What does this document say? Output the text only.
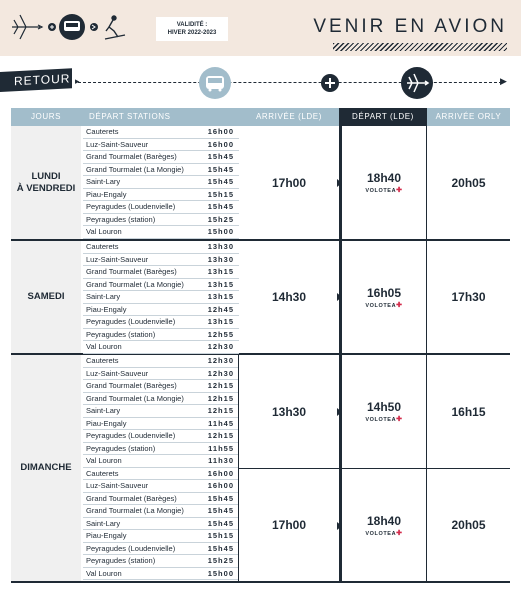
VALIDITÉ :
HIVER 2022-2023	VENIR EN AVION
RETOUR ▸	▶
JOURS	DÉPART STATIONS	ARRIVÉE (LDE)	DÉPART (LDE)	ARRIVÉE ORLY
LUNDI
À VENDREDI
Cauterets	16h00
Luz-Saint-Sauveur	16h00
Grand Tourmalet (Barèges)	15h45
Grand Tourmalet (La Mongie)	15h45
Saint-Lary	15h45
Piau-Engaly	15h15
Peyragudes (Loudenvielle)	15h45
Peyragudes (station)	15h25
Val Louron	15h00
17h00	18h40
VOLOTEA✚
20h05
SAMEDI
Cauterets	13h30
Luz-Saint-Sauveur	13h30
Grand Tourmalet (Barèges)	13h15
Grand Tourmalet (La Mongie)	13h15
Saint-Lary	13h15
Piau-Engaly	12h45
Peyragudes (Loudenvielle)	13h15
Peyragudes (station)	12h55
Val Louron	12h30
14h30	16h05
VOLOTEA✚
17h30
DIMANCHE
Cauterets	12h30
Luz-Saint-Sauveur	12h30
Grand Tourmalet (Barèges)	12h15
Grand Tourmalet (La Mongie)	12h15
Saint-Lary	12h15
Piau-Engaly	11h45
Peyragudes (Loudenvielle)	12h15
Peyragudes (station)	11h55
Val Louron	11h30
Cauterets	16h00
Luz-Saint-Sauveur	16h00
Grand Tourmalet (Barèges)	15h45
Grand Tourmalet (La Mongie)	15h45
Saint-Lary	15h45
Piau-Engaly	15h15
Peyragudes (Loudenvielle)	15h45
Peyragudes (station)	15h25
Val Louron	15h00
13h30	14h50
VOLOTEA✚
16h15
17h00	18h40
VOLOTEA✚
20h05
